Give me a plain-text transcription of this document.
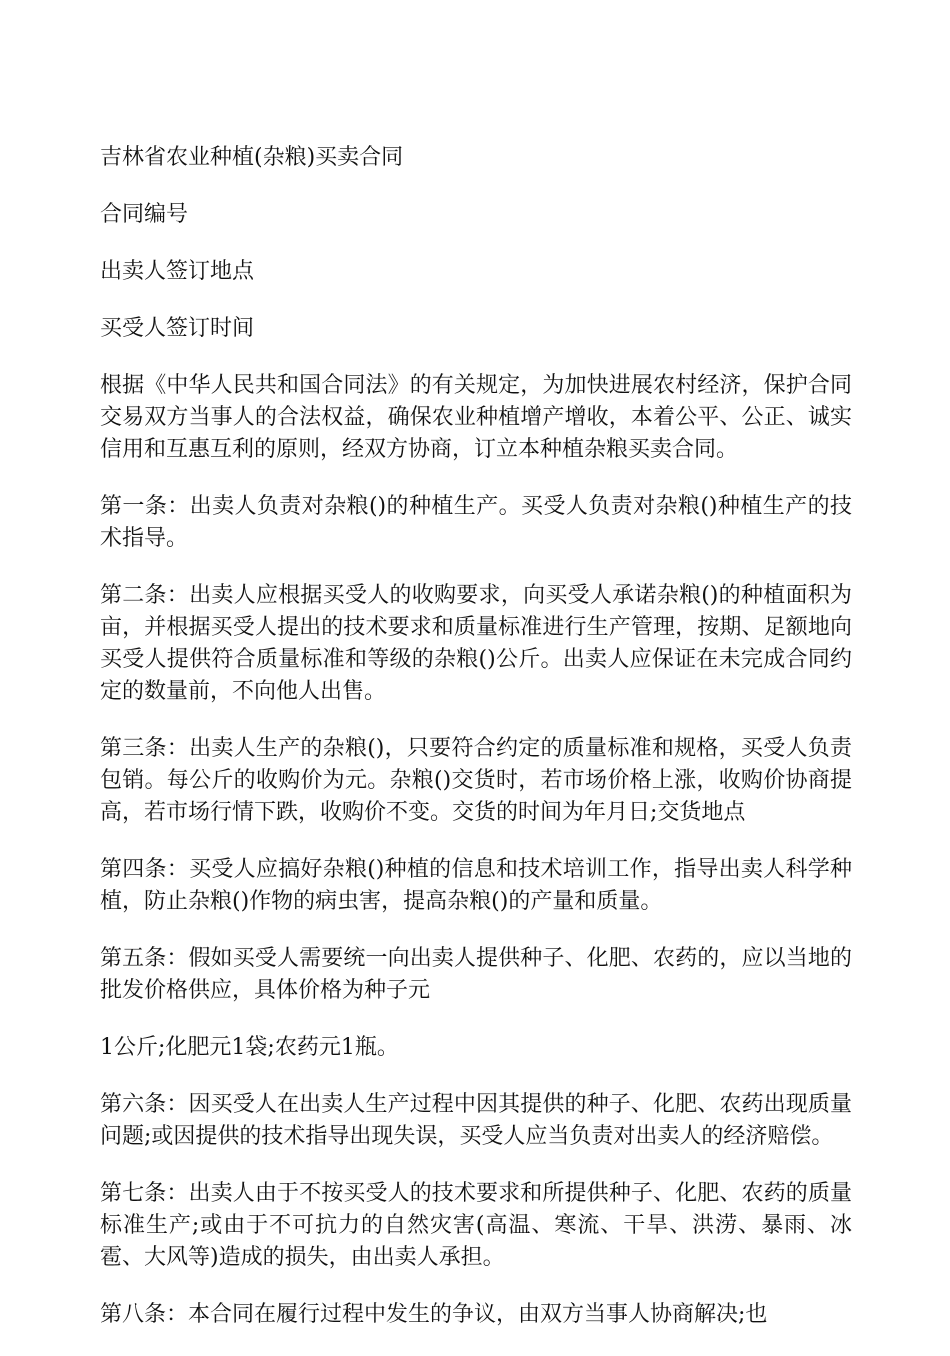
吉林省农业种植(杂粮)买卖合同

合同编号

出卖人签订地点

买受人签订时间

根据《中华人民共和国合同法》的有关规定，为加快进展农村经济，保护合同交易双方当事人的合法权益，确保农业种植增产增收，本着公平、公正、诚实信用和互惠互利的原则，经双方协商，订立本种植杂粮买卖合同。

第一条：出卖人负责对杂粮()的种植生产。买受人负责对杂粮()种植生产的技术指导。

第二条：出卖人应根据买受人的收购要求，向买受人承诺杂粮()的种植面积为亩，并根据买受人提出的技术要求和质量标准进行生产管理，按期、足额地向买受人提供符合质量标准和等级的杂粮()公斤。出卖人应保证在未完成合同约定的数量前，不向他人出售。

第三条：出卖人生产的杂粮()，只要符合约定的质量标准和规格，买受人负责包销。每公斤的收购价为元。杂粮()交货时，若市场价格上涨，收购价协商提高，若市场行情下跌，收购价不变。交货的时间为年月日;交货地点

第四条：买受人应搞好杂粮()种植的信息和技术培训工作，指导出卖人科学种植，防止杂粮()作物的病虫害，提高杂粮()的产量和质量。

第五条：假如买受人需要统一向出卖人提供种子、化肥、农药的，应以当地的批发价格供应，具体价格为种子元

1公斤;化肥元1袋;农药元1瓶。

第六条：因买受人在出卖人生产过程中因其提供的种子、化肥、农药出现质量问题;或因提供的技术指导出现失误，买受人应当负责对出卖人的经济赔偿。

第七条：出卖人由于不按买受人的技术要求和所提供种子、化肥、农药的质量标准生产;或由于不可抗力的自然灾害(高温、寒流、干旱、洪涝、暴雨、冰雹、大风等)造成的损失，由出卖人承担。

第八条：本合同在履行过程中发生的争议，由双方当事人协商解决;也
